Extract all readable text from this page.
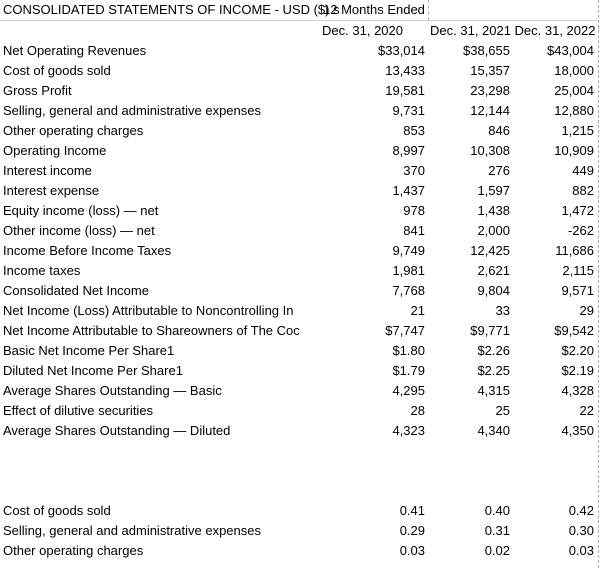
CONSOLIDATED STATEMENTS OF INCOME - USD ($) s
12 Months Ended
Dec. 31, 2020	Dec. 31, 2021 Dec. 31, 2022
Net Operating Revenues	$33,014	$38,655	$43,004
Cost of goods sold	13,433	15,357	18,000
Gross Profit	19,581	23,298	25,004
Selling, general and administrative expenses	9,731	12,144	12,880
Other operating charges	853	846	1,215
Operating Income	8,997	10,308	10,909
Interest income	370	276	449
Interest expense	1,437	1,597	882
Equity income (loss) — net	978	1,438	1,472
Other income (loss) — net	841	2,000	-262
Income Before Income Taxes	9,749	12,425	11,686
Income taxes	1,981	2,621	2,115
Consolidated Net Income	7,768	9,804	9,571
Net Income (Loss) Attributable to Noncontrolling In	21	33	29
Net Income Attributable to Shareowners of The Coc	$7,747	$9,771	$9,542
Basic Net Income Per Share1	$1.80	$2.26	$2.20
Diluted Net Income Per Share1	$1.79	$2.25	$2.19
Average Shares Outstanding — Basic	4,295	4,315	4,328
Effect of dilutive securities	28	25	22
Average Shares Outstanding — Diluted	4,323	4,340	4,350
Cost of goods sold	0.41	0.40	0.42
Selling, general and administrative expenses	0.29	0.31	0.30
Other operating charges	0.03	0.02	0.03
